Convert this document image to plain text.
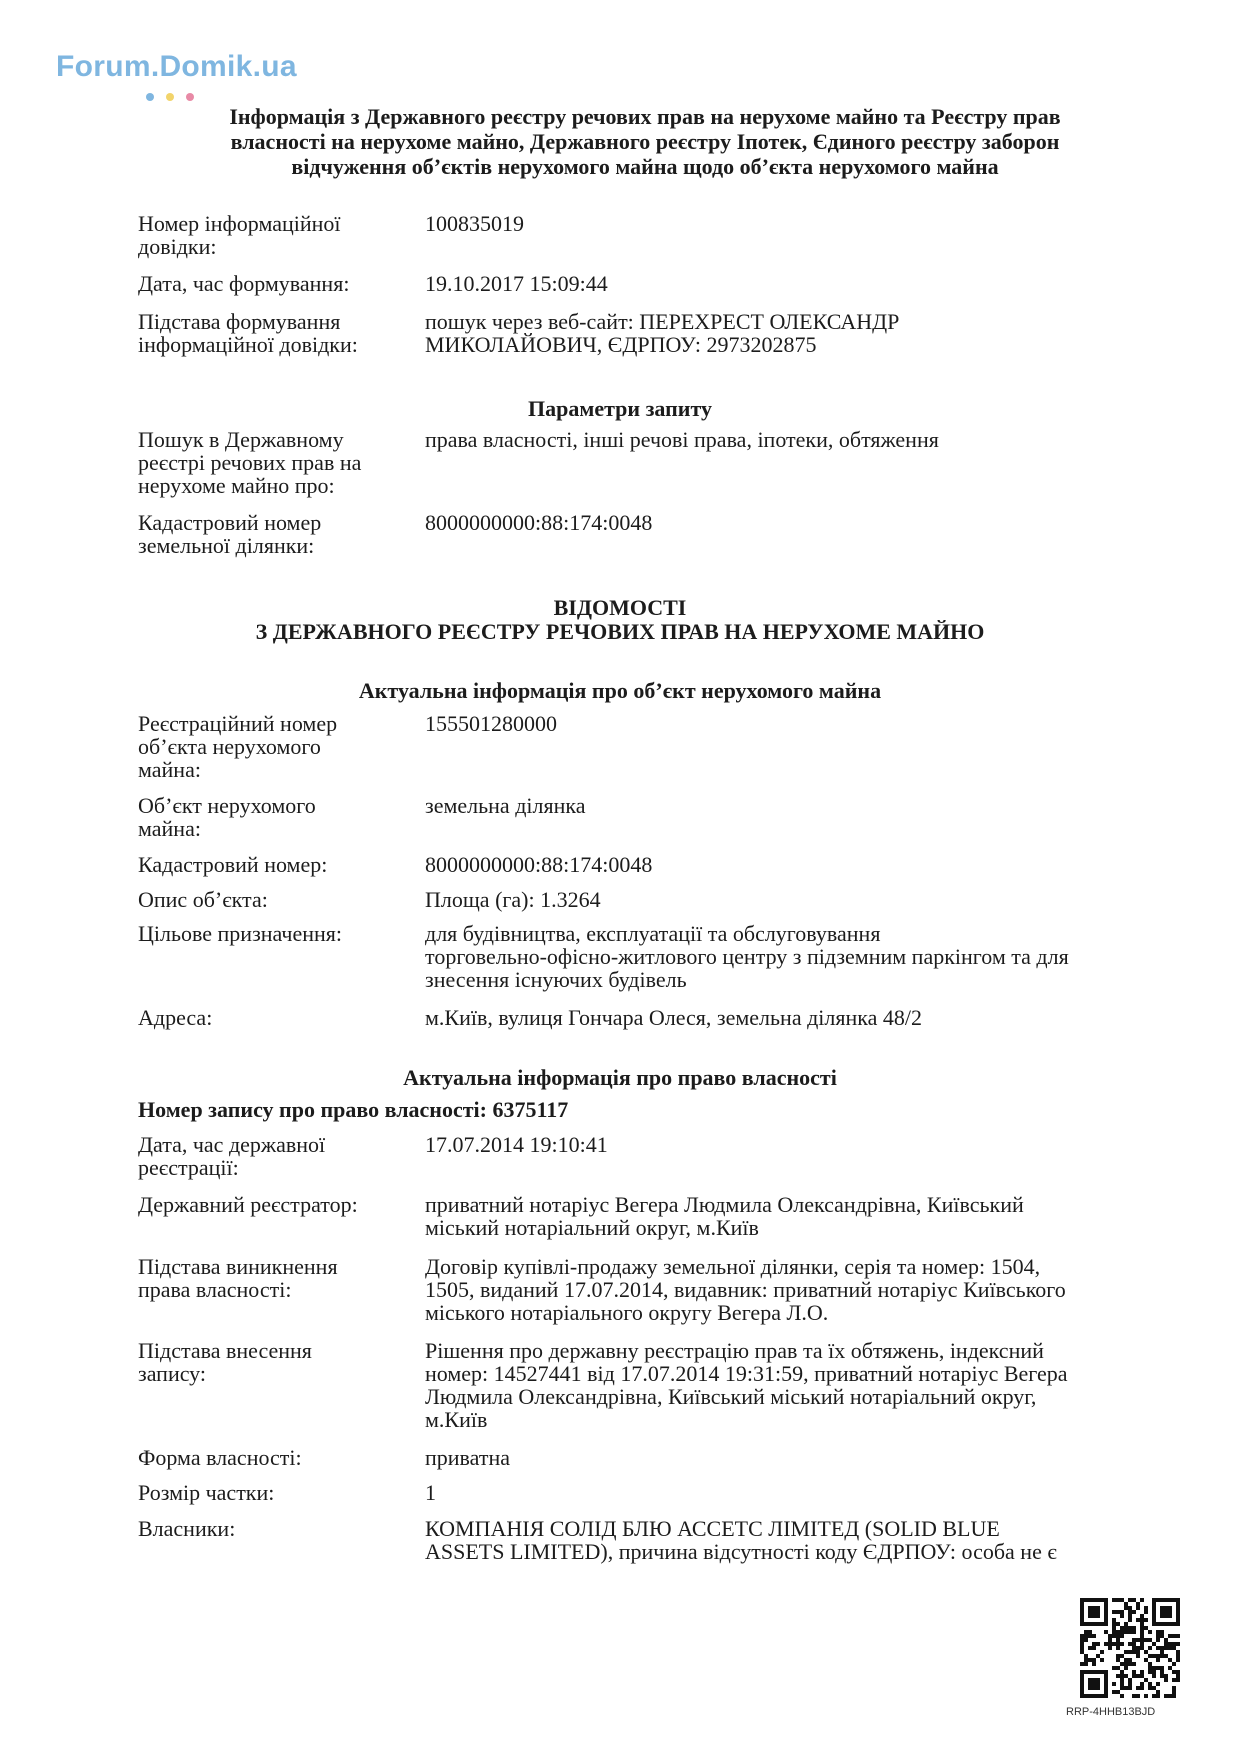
Forum.Domik.ua
Інформація з Державного реєстру речових прав на нерухоме майно та Реєстру прав
власності на нерухоме майно, Державного реєстру Іпотек, Єдиного реєстру заборон
відчуження об’єктів нерухомого майна щодо об’єкта нерухомого майна
Номер інформаційної
довідки:
100835019
Дата, час формування:	19.10.2017 15:09:44
Підстава формування
інформаційної довідки:
пошук через веб-сайт: ПЕРЕХРЕСТ ОЛЕКСАНДР
МИКОЛАЙОВИЧ, ЄДРПОУ: 2973202875
Параметри запиту
Пошук в Державному
реєстрі речових прав на
нерухоме майно про:
права власності, інші речові права, іпотеки, обтяження
Кадастровий номер
земельної ділянки:
8000000000:88:174:0048
ВІДОМОСТІ
З ДЕРЖАВНОГО РЕЄСТРУ РЕЧОВИХ ПРАВ НА НЕРУХОМЕ МАЙНО
Актуальна інформація про об’єкт нерухомого майна
Реєстраційний номер
об’єкта нерухомого
майна:
155501280000
Об’єкт нерухомого
майна:
земельна ділянка
Кадастровий номер:	8000000000:88:174:0048
Опис об’єкта:	Площа (га): 1.3264
Цільове призначення:	для будівництва, експлуатації та обслуговування
торговельно-офісно-житлового центру з підземним паркінгом та для
знесення існуючих будівель
Адреса:	м.Київ, вулиця Гончара Олеся, земельна ділянка 48/2
Актуальна інформація про право власності
Номер запису про право власності: 6375117
Дата, час державної
реєстрації:
17.07.2014 19:10:41
Державний реєстратор:	приватний нотаріус Вегера Людмила Олександрівна, Київський
міський нотаріальний округ, м.Київ
Підстава виникнення
права власності:
Договір купівлі-продажу земельної ділянки, серія та номер: 1504,
1505, виданий 17.07.2014, видавник: приватний нотаріус Київського
міського нотаріального округу Вегера Л.О.
Підстава внесення
запису:
Рішення про державну реєстрацію прав та їх обтяжень, індексний
номер: 14527441 від 17.07.2014 19:31:59, приватний нотаріус Вегера
Людмила Олександрівна, Київський міський нотаріальний округ,
м.Київ
Форма власності:	приватна
Розмір частки:	1
Власники:	КОМПАНІЯ СОЛІД БЛЮ АССЕТС ЛІМІТЕД (SOLID BLUE
ASSETS LIMITED), причина відсутності коду ЄДРПОУ: особа не є
RRP-4HHB13BJD
